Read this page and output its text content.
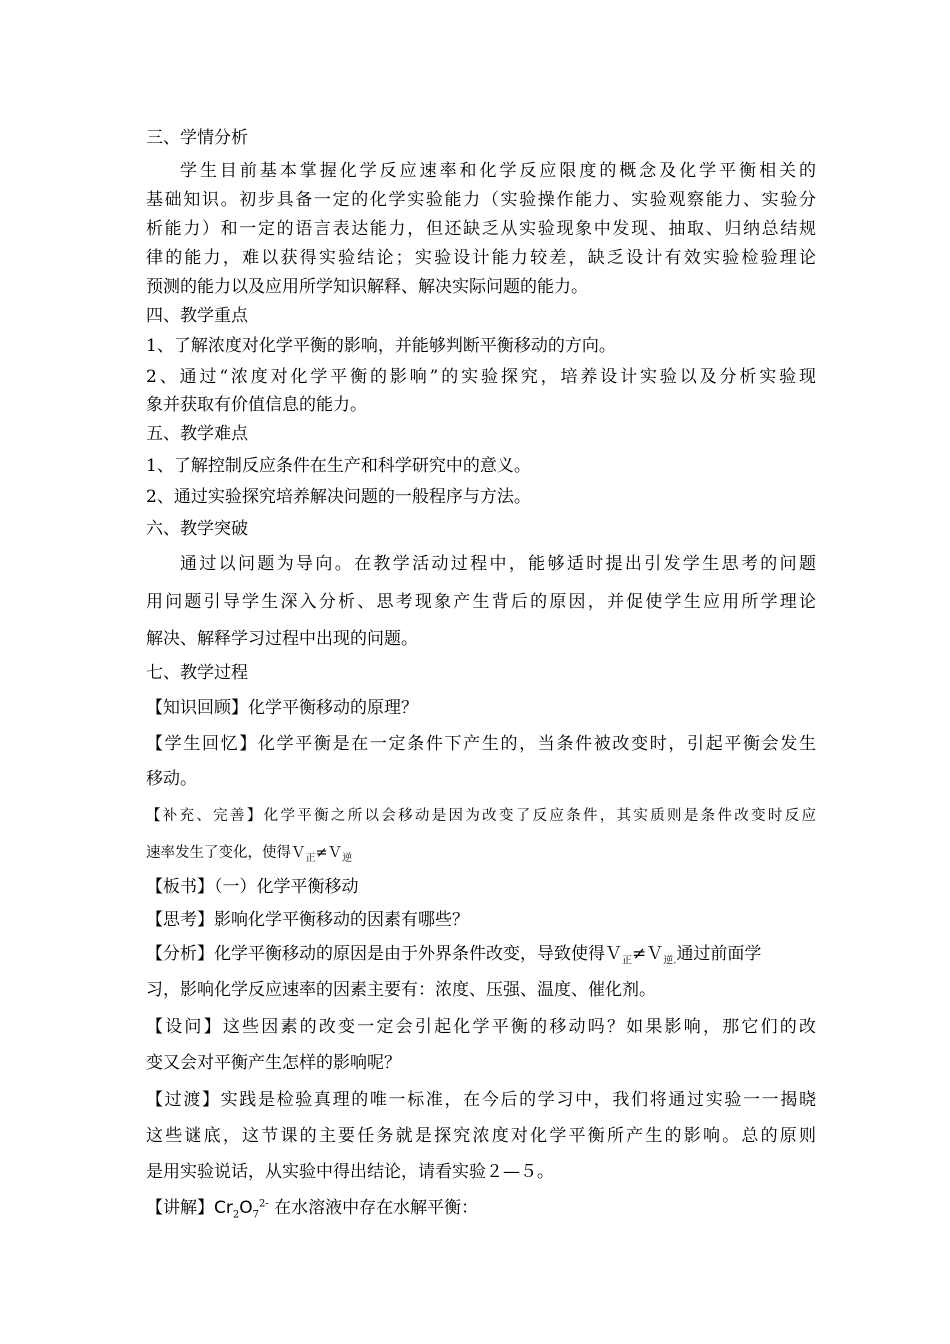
三、学情分析
学生目前基本掌握化学反应速率和化学反应限度的概念及化学平衡相关的
基础知识。初步具备一定的化学实验能力（实验操作能力、实验观察能力、实验分
析能力）和一定的语言表达能力，但还缺乏从实验现象中发现、抽取、归纳总结规
律的能力，难以获得实验结论；实验设计能力较差，缺乏设计有效实验检验理论
预测的能力以及应用所学知识解释、解决实际问题的能力。
四、教学重点
1、了解浓度对化学平衡的影响，并能够判断平衡移动的方向。
2、通过“浓度对化学平衡的影响”的实验探究，培养设计实验以及分析实验现
象并获取有价值信息的能力。
五、教学难点
1、了解控制反应条件在生产和科学研究中的意义。
2、通过实验探究培养解决问题的一般程序与方法。
六、教学突破
通过以问题为导向。在教学活动过程中，能够适时提出引发学生思考的问题
用问题引导学生深入分析、思考现象产生背后的原因，并促使学生应用所学理论
解决、解释学习过程中出现的问题。
七、教学过程
【知识回顾】化学平衡移动的原理？
【学生回忆】化学平衡是在一定条件下产生的，当条件被改变时，引起平衡会发生
移动。
【补充、完善】化学平衡之所以会移动是因为改变了反应条件，其实质则是条件改变时反应
速率发生了变化，使得Ｖ$_正$≠Ｖ$_逆$
【板书】（一）化学平衡移动
【思考】影响化学平衡移动的因素有哪些？
【分析】化学平衡移动的原因是由于外界条件改变，导致使得Ｖ$_正$≠Ｖ$_{逆.}$通过前面学
习，影响化学反应速率的因素主要有：浓度、压强、温度、催化剂。
【设问】这些因素的改变一定会引起化学平衡的移动吗？如果影响，那它们的改
变又会对平衡产生怎样的影响呢？
【过渡】实践是检验真理的唯一标准，在今后的学习中，我们将通过实验一一揭晓
这些谜底，这节课的主要任务就是探究浓度对化学平衡所产生的影响。总的原则
是用实验说话，从实验中得出结论，请看实验２—５。
【讲解】$Cr_2O_7^{2-}$ 在水溶液中存在水解平衡：
